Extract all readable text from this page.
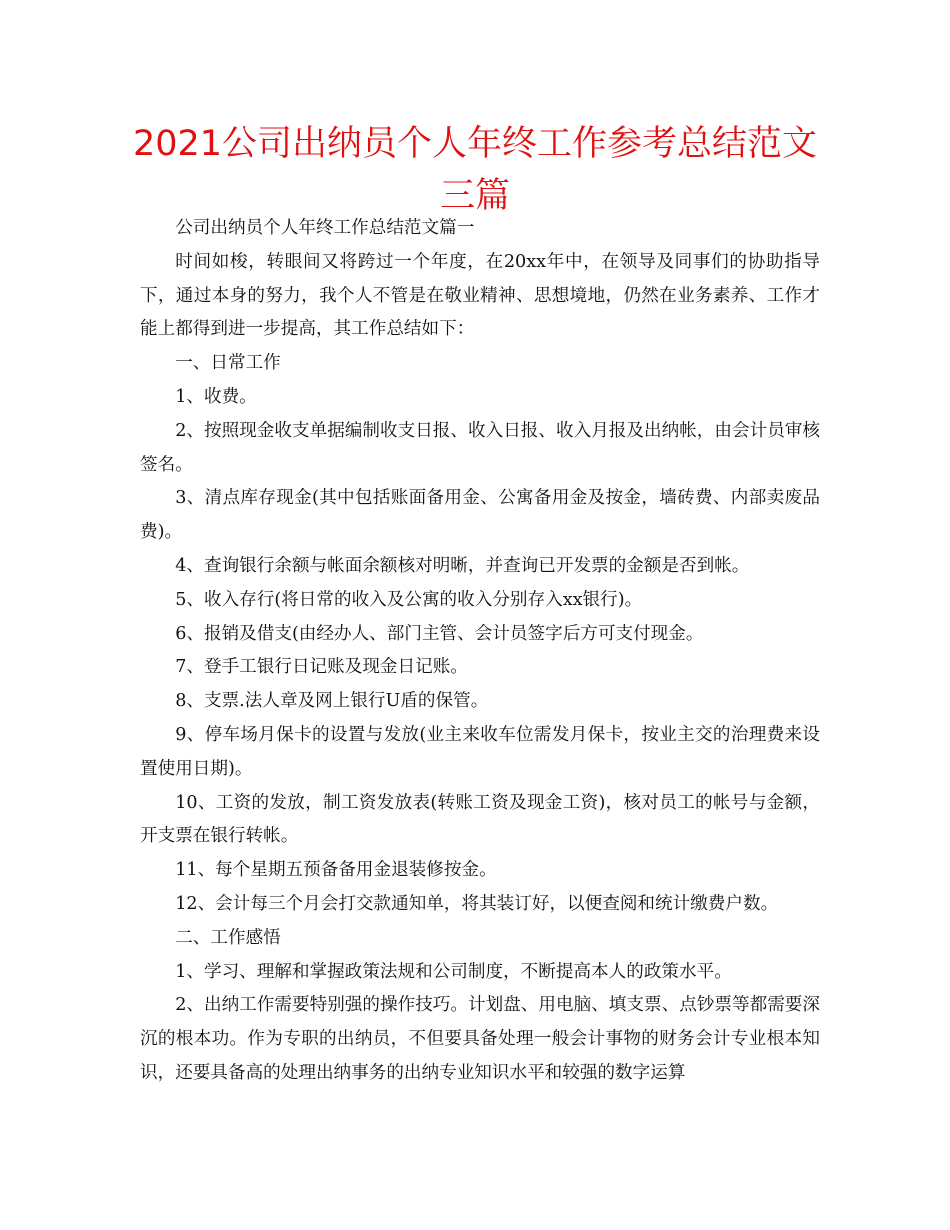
2021公司出纳员个人年终工作参考总结范文三篇

公司出纳员个人年终工作总结范文篇一

时间如梭，转眼间又将跨过一个年度，在20xx年中，在领导及同事们的协助指导下，通过本身的努力，我个人不管是在敬业精神、思想境地，仍然在业务素养、工作才能上都得到进一步提高，其工作总结如下：

一、日常工作

1、收费。

2、按照现金收支单据编制收支日报、收入日报、收入月报及出纳帐，由会计员审核签名。

3、清点库存现金(其中包括账面备用金、公寓备用金及按金，墙砖费、内部卖废品费)。

4、查询银行余额与帐面余额核对明晰，并查询已开发票的金额是否到帐。

5、收入存行(将日常的收入及公寓的收入分别存入xx银行)。

6、报销及借支(由经办人、部门主管、会计员签字后方可支付现金。

7、登手工银行日记账及现金日记账。

8、支票.法人章及网上银行U盾的保管。

9、停车场月保卡的设置与发放(业主来收车位需发月保卡，按业主交的治理费来设置使用日期)。

10、工资的发放，制工资发放表(转账工资及现金工资)，核对员工的帐号与金额，开支票在银行转帐。

11、每个星期五预备备用金退装修按金。

12、会计每三个月会打交款通知单，将其装订好，以便查阅和统计缴费户数。

二、工作感悟

1、学习、理解和掌握政策法规和公司制度，不断提高本人的政策水平。

2、出纳工作需要特别强的操作技巧。计划盘、用电脑、填支票、点钞票等都需要深沉的根本功。作为专职的出纳员，不但要具备处理一般会计事物的财务会计专业根本知识，还要具备高的处理出纳事务的出纳专业知识水平和较强的数字运算
